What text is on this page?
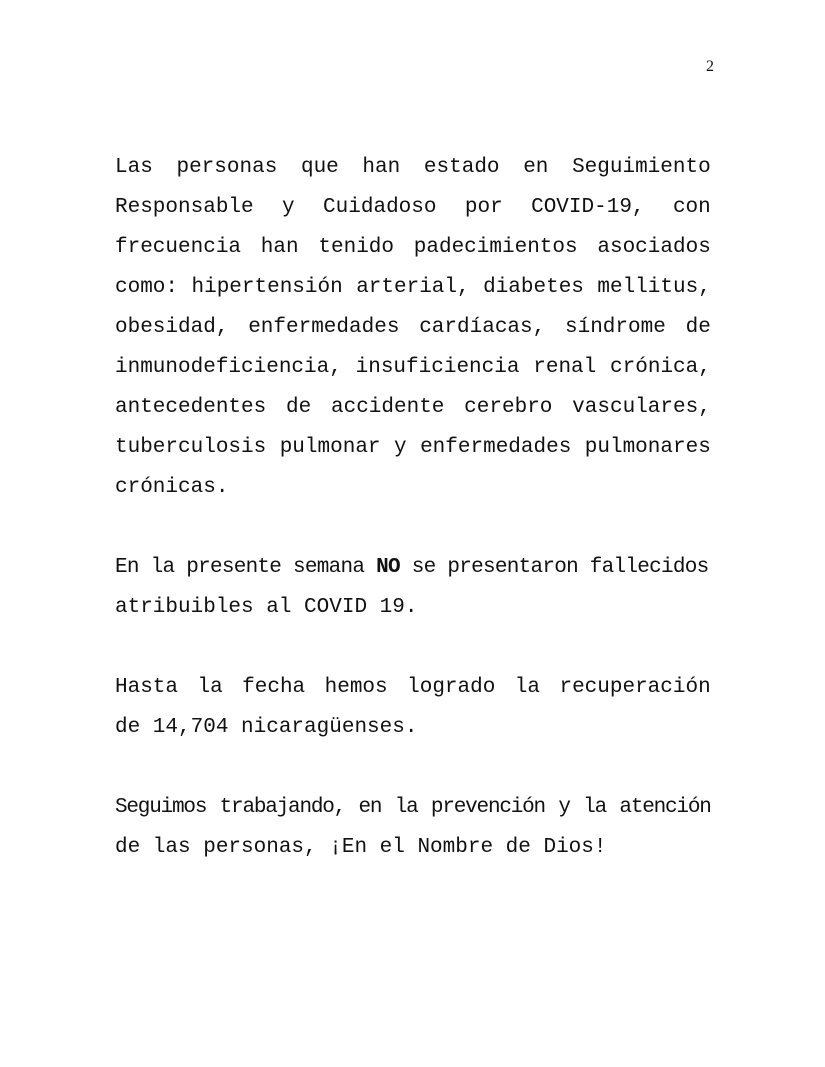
2

Las personas que han estado en Seguimiento
Responsable y Cuidadoso por COVID-19, con
frecuencia han tenido padecimientos asociados
como: hipertensión arterial, diabetes mellitus,
obesidad, enfermedades cardíacas, síndrome de
inmunodeficiencia, insuficiencia renal crónica,
antecedentes de accidente cerebro vasculares,
tuberculosis pulmonar y enfermedades pulmonares
crónicas.

En la presente semana NO se presentaron fallecidos
atribuibles al COVID 19.

Hasta la fecha hemos logrado la recuperación
de 14,704 nicaragüenses.

Seguimos trabajando, en la prevención y la atención
de las personas, ¡En el Nombre de Dios!
